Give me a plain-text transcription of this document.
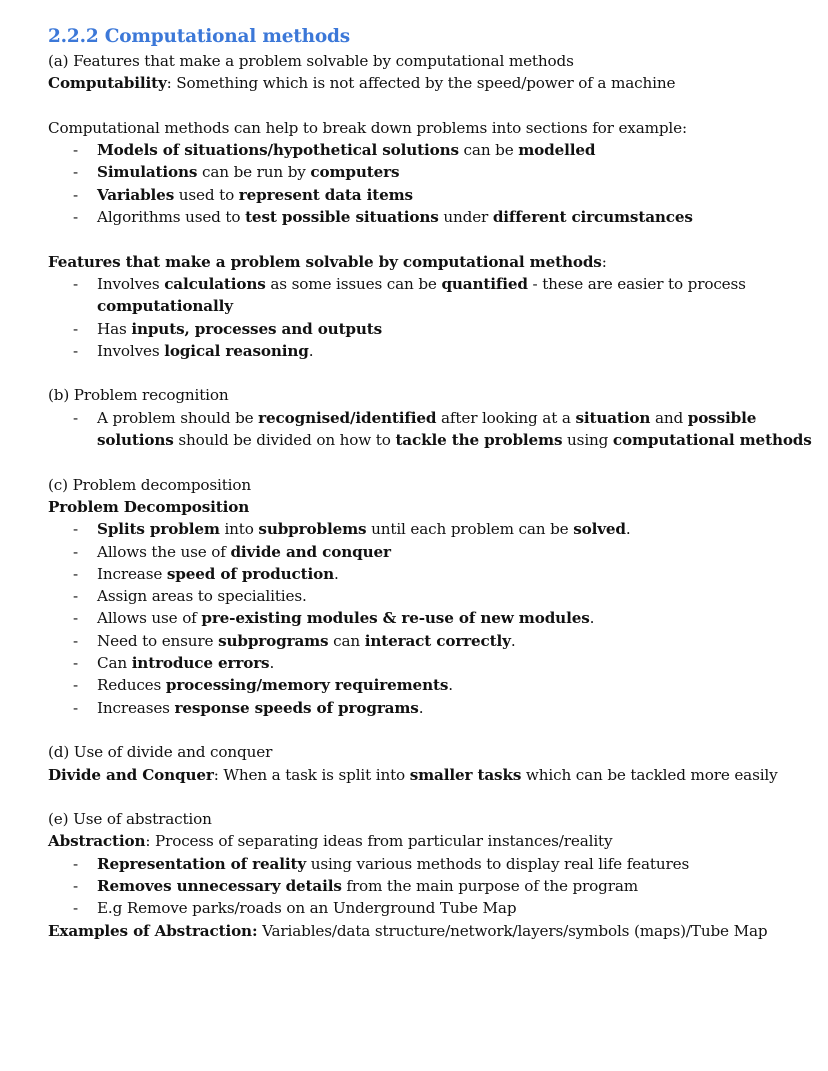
2.2.2 Computational methods
(a) Features that make a problem solvable by computational methods
Computability: Something which is not affected by the speed/power of a machine
Computational methods can help to break down problems into sections for example:
- Models of situations/hypothetical solutions can be modelled
- Simulations can be run by computers
- Variables used to represent data items
- Algorithms used to test possible situations under different circumstances
Features that make a problem solvable by computational methods:
- Involves calculations as some issues can be quantified - these are easier to process
computationally
- Has inputs, processes and outputs
- Involves logical reasoning.
(b) Problem recognition
- A problem should be recognised/identified after looking at a situation and possible
solutions should be divided on how to tackle the problems using computational methods
(c) Problem decomposition
Problem Decomposition
- Splits problem into subproblems until each problem can be solved.
- Allows the use of divide and conquer
- Increase speed of production.
- Assign areas to specialities.
- Allows use of pre-existing modules & re-use of new modules.
- Need to ensure subprograms can interact correctly.
- Can introduce errors.
- Reduces processing/memory requirements.
- Increases response speeds of programs.
(d) Use of divide and conquer
Divide and Conquer: When a task is split into smaller tasks which can be tackled more easily
(e) Use of abstraction
Abstraction: Process of separating ideas from particular instances/reality
- Representation of reality using various methods to display real life features
- Removes unnecessary details from the main purpose of the program
- E.g Remove parks/roads on an Underground Tube Map
Examples of Abstraction: Variables/data structure/network/layers/symbols (maps)/Tube Map
